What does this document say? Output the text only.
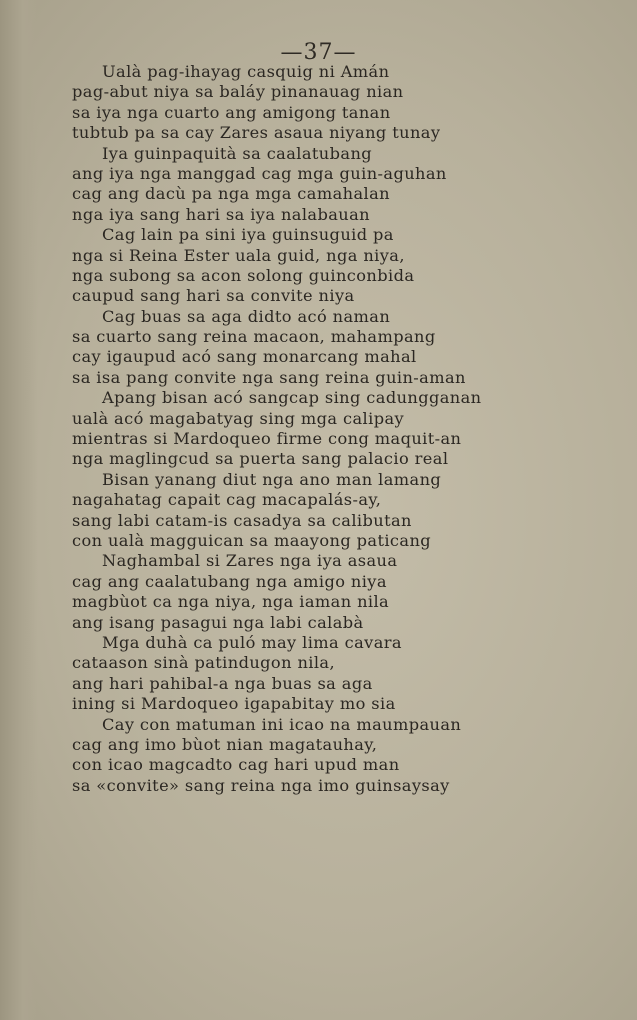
—37—
Ualà pag-ihayag casquig ni Amán
pag-abut niya sa baláy pinanauag nian
sa iya nga cuarto ang amigong tanan
tubtub pa sa cay Zares asaua niyang tunay
Iya guinpaquità sa caalatubang
ang iya nga manggad cag mga guin-aguhan
cag ang dacù pa nga mga camahalan
nga iya sang hari sa iya nalabauan
Cag lain pa sini iya guinsuguid pa
nga si Reina Ester uala guid, nga niya,
nga subong sa acon solong guinconbida
caupud sang hari sa convite niya
Cag buas sa aga didto acó naman
sa cuarto sang reina macaon, mahampang
cay igaupud acó sang monarcang mahal
sa isa pang convite nga sang reina guin-aman
Apang bisan acó sangcap sing cadungganan
ualà acó magabatyag sing mga calipay
mientras si Mardoqueo firme cong maquit-an
nga maglingcud sa puerta sang palacio real
Bisan yanang diut nga ano man lamang
nagahatag capait cag macapalás-ay,
sang labi catam-is casadya sa calibutan
con ualà magguican sa maayong paticang
Naghambal si Zares nga iya asaua
cag ang caalatubang nga amigo niya
magbùot ca nga niya, nga iaman nila
ang isang pasagui nga labi calabà
Mga duhà ca puló may lima cavara
cataason sinà patindugon nila,
ang hari pahibal-a nga buas sa aga
ining si Mardoqueo igapabitay mo sia
Cay con matuman ini icao na maumpauan
cag ang imo bùot nian magatauhay,
con icao magcadto cag hari upud man
sa «convite» sang reina nga imo guinsaysay
